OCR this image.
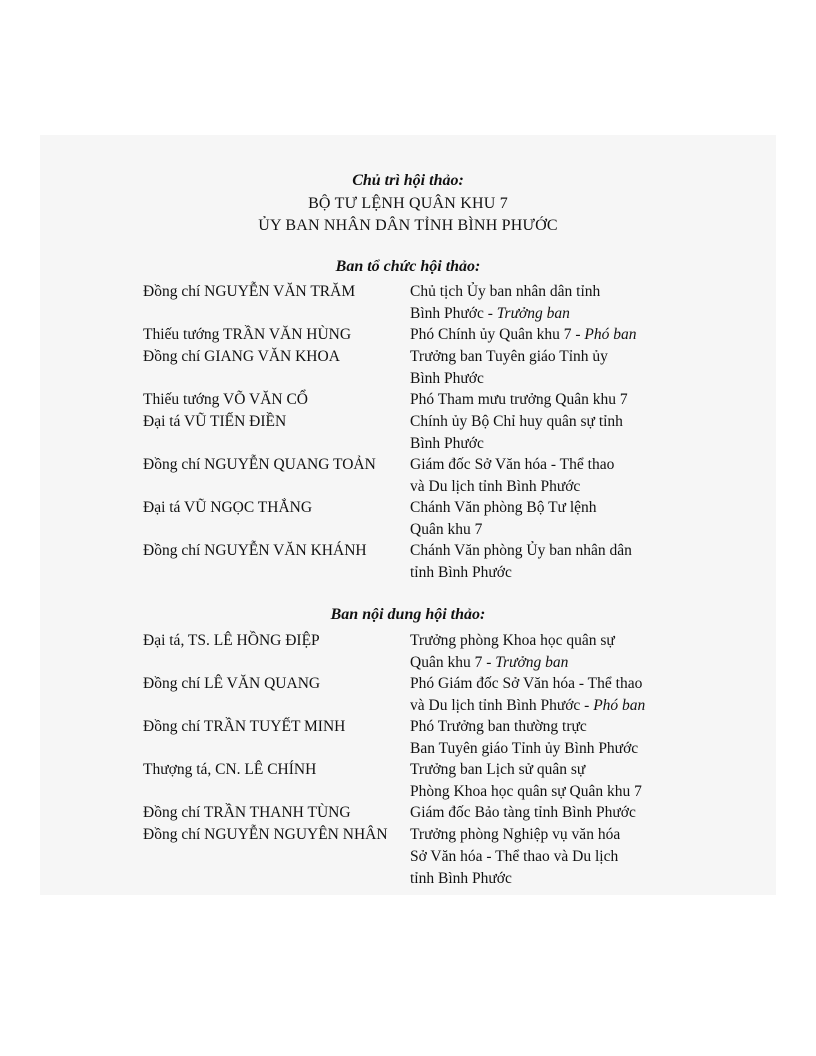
Chủ trì hội thảo:
BỘ TƯ LỆNH QUÂN KHU 7
ỦY BAN NHÂN DÂN TỈNH BÌNH PHƯỚC
Ban tổ chức hội thảo:
Đồng chí NGUYỄN VĂN TRĂM	Chủ tịch Ủy ban nhân dân tỉnh
Bình Phước - Trưởng ban
Thiếu tướng TRẦN VĂN HÙNG	Phó Chính ủy Quân khu 7 - Phó ban
Đồng chí GIANG VĂN KHOA	Trưởng ban Tuyên giáo Tỉnh ủy
Bình Phước
Thiếu tướng VÕ VĂN CỔ	Phó Tham mưu trưởng Quân khu 7
Đại tá VŨ TIẾN ĐIỀN	Chính ủy Bộ Chỉ huy quân sự tỉnh
Bình Phước
Đồng chí NGUYỄN QUANG TOẢN Giám đốc Sở Văn hóa - Thể thao
và Du lịch tỉnh Bình Phước
Đại tá VŨ NGỌC THẮNG	Chánh Văn phòng Bộ Tư lệnh
Quân khu 7
Đồng chí NGUYỄN VĂN KHÁNH	Chánh Văn phòng Ủy ban nhân dân
tỉnh Bình Phước
Ban nội dung hội thảo:
Đại tá, TS. LÊ HỒNG ĐIỆP	Trưởng phòng Khoa học quân sự
Quân khu 7 - Trưởng ban
Đồng chí LÊ VĂN QUANG	Phó Giám đốc Sở Văn hóa - Thể thao
và Du lịch tỉnh Bình Phước - Phó ban
Đồng chí TRẦN TUYẾT MINH	Phó Trưởng ban thường trực
Ban Tuyên giáo Tỉnh ủy Bình Phước
Thượng tá, CN. LÊ CHÍNH	Trưởng ban Lịch sử quân sự
Phòng Khoa học quân sự Quân khu 7
Đồng chí TRẦN THANH TÙNG	Giám đốc Bảo tàng tỉnh Bình Phước
Đồng chí NGUYỄN NGUYÊN NHÂN Trưởng phòng Nghiệp vụ văn hóa
Sở Văn hóa - Thể thao và Du lịch
tỉnh Bình Phước
